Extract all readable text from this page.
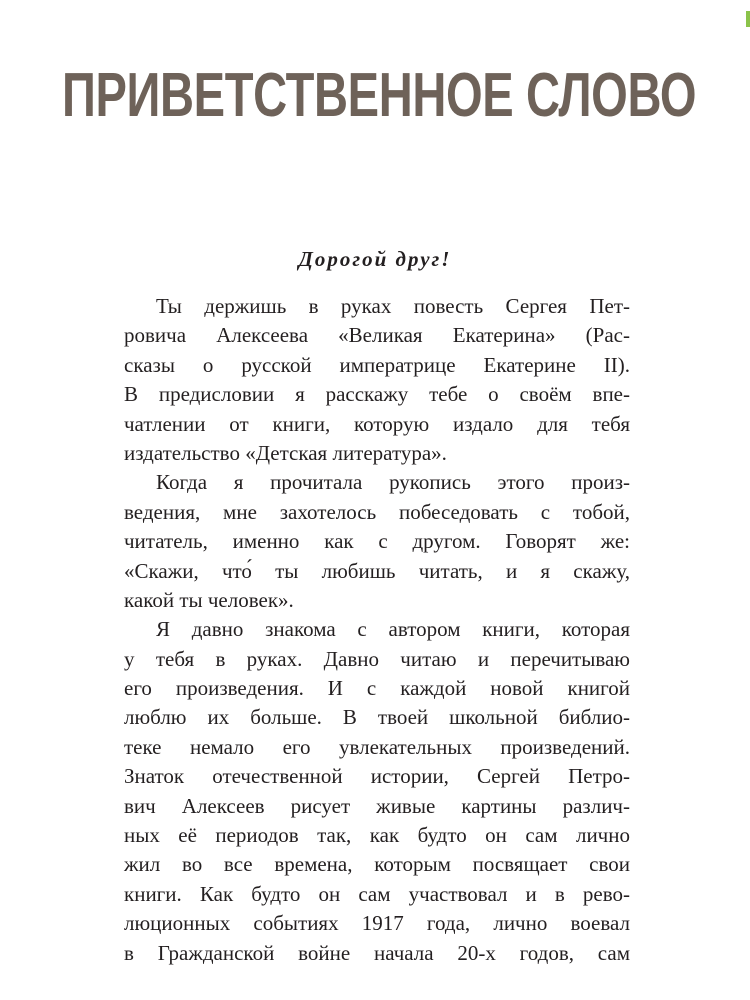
ПРИВЕТСТВЕННОЕ СЛОВО

Дорогой друг!

Ты держишь в руках повесть Сергея Пет-
ровича Алексеева «Великая Екатерина» (Рас-
сказы о русской императрице Екатерине II).
В предисловии я расскажу тебе о своём впе-
чатлении от книги, которую издало для тебя
издательство «Детская литература».

Когда я прочитала рукопись этого произ-
ведения, мне захотелось побеседовать с тобой,
читатель, именно как с другом. Говорят же:
«Скажи, что́ ты любишь читать, и я скажу,
какой ты человек».

Я давно знакома с автором книги, которая
у тебя в руках. Давно читаю и перечитываю
его произведения. И с каждой новой книгой
люблю их больше. В твоей школьной библио-
теке немало его увлекательных произведений.
Знаток отечественной истории, Сергей Петро-
вич Алексеев рисует живые картины различ-
ных её периодов так, как будто он сам лично
жил во все времена, которым посвящает свои
книги. Как будто он сам участвовал и в рево-
люционных событиях 1917 года, лично воевал
в Гражданской войне начала 20-х годов, сам
